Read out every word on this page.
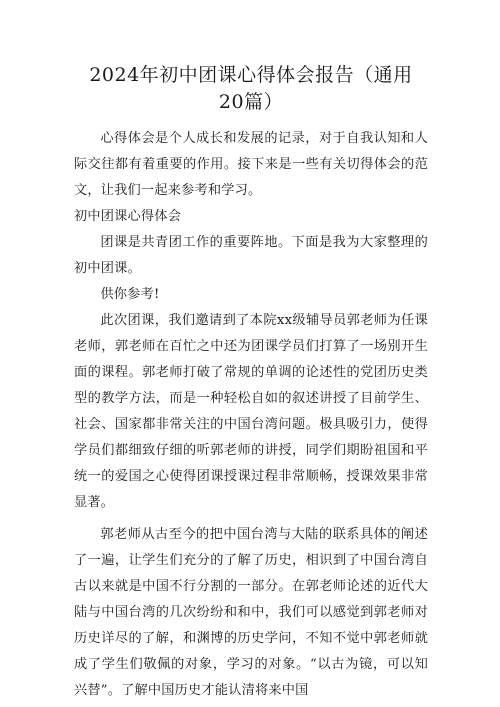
2024年初中团课心得体会报告（通用
20篇）

心得体会是个人成长和发展的记录，对于自我认知和人际交往都有着重要的作用。接下来是一些有关切得体会的范文，让我们一起来参考和学习。

初中团课心得体会

团课是共青团工作的重要阵地。下面是我为大家整理的初中团课。

供你参考!

此次团课，我们邀请到了本院xx级辅导员郭老师为任课老师，郭老师在百忙之中还为团课学员们打算了一场别开生面的课程。郭老师打破了常规的单调的论述性的党团历史类型的教学方法，而是一种轻松自如的叙述讲授了目前学生、社会、国家都非常关注的中国台湾问题。极具吸引力，使得学员们都细致仔细的听郭老师的讲授，同学们期盼祖国和平统一的爱国之心使得团课授课过程非常顺畅，授课效果非常显著。

郭老师从古至今的把中国台湾与大陆的联系具体的阐述了一遍，让学生们充分的了解了历史，相识到了中国台湾自古以来就是中国不行分割的一部分。在郭老师论述的近代大陆与中国台湾的几次纷纷和和中，我们可以感觉到郭老师对历史详尽的了解，和渊博的历史学问，不知不觉中郭老师就成了学生们敬佩的对象，学习的对象。“以古为镜，可以知兴替”。了解中国历史才能认清将来中国
